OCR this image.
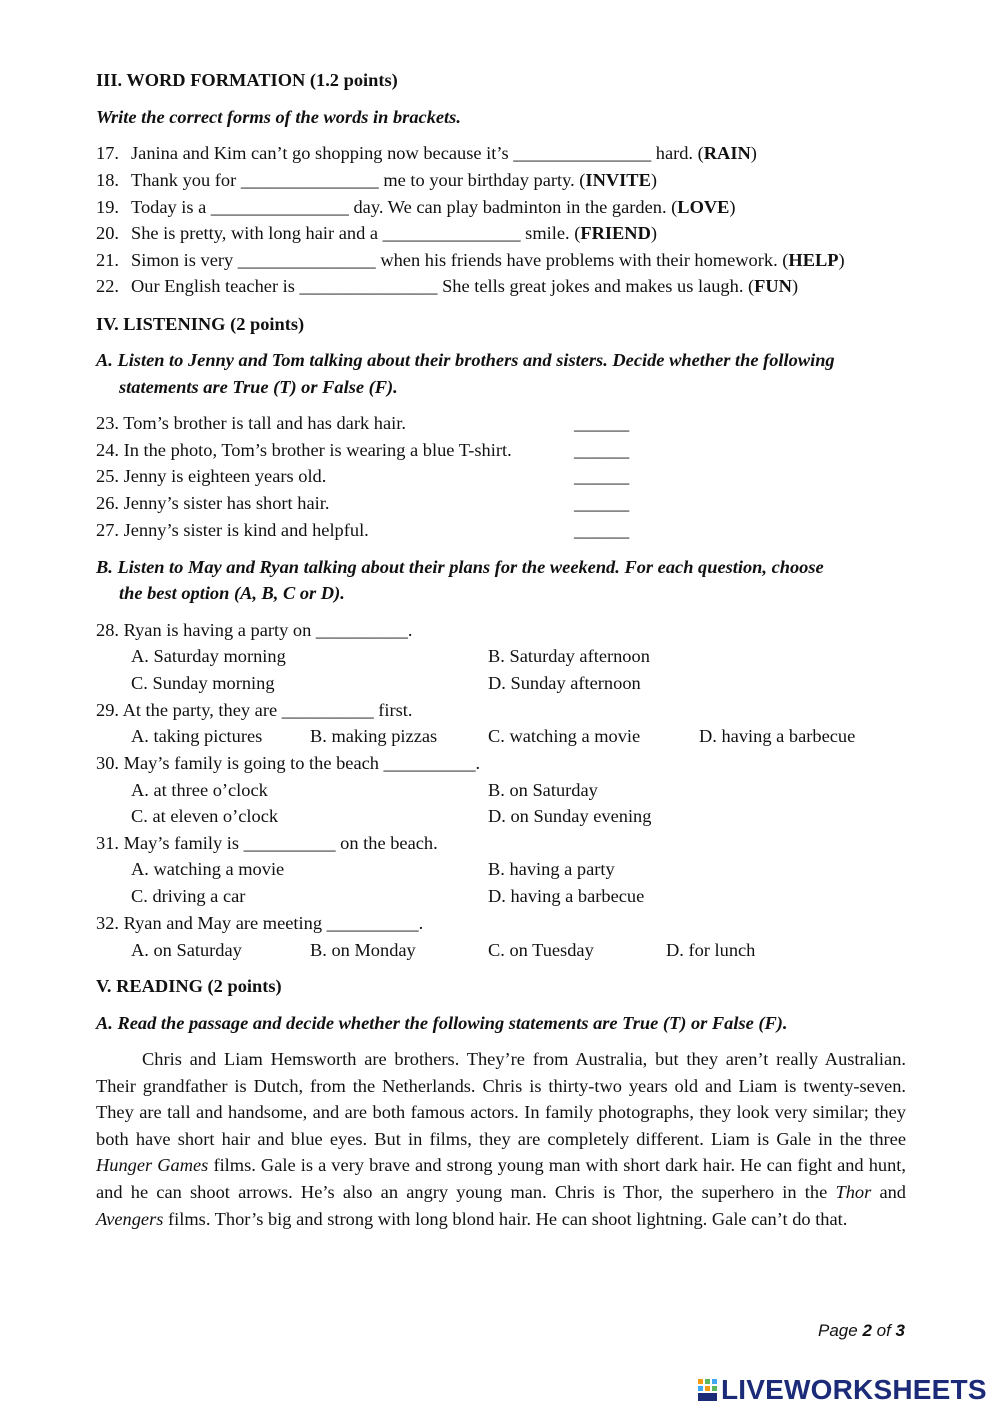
III. WORD FORMATION (1.2 points)
Write the correct forms of the words in brackets.
17. Janina and Kim can’t go shopping now because it’s _______________ hard. (RAIN)
18. Thank you for _______________ me to your birthday party. (INVITE)
19. Today is a _______________ day. We can play badminton in the garden. (LOVE)
20. She is pretty, with long hair and a _______________ smile. (FRIEND)
21. Simon is very _______________ when his friends have problems with their homework. (HELP)
22. Our English teacher is _______________ She tells great jokes and makes us laugh. (FUN)
IV. LISTENING (2 points)
A. Listen to Jenny and Tom talking about their brothers and sisters. Decide whether the following
statements are True (T) or False (F).
23. Tom’s brother is tall and has dark hair.	______
24. In the photo, Tom’s brother is wearing a blue T-shirt.	______
25. Jenny is eighteen years old.	______
26. Jenny’s sister has short hair.	______
27. Jenny’s sister is kind and helpful.	______
B. Listen to May and Ryan talking about their plans for the weekend. For each question, choose
the best option (A, B, C or D).
28. Ryan is having a party on __________.
A. Saturday morning	B. Saturday afternoon
C. Sunday morning	D. Sunday afternoon
29. At the party, they are __________ first.
A. taking pictures	B. making pizzas	C. watching a movie	D. having a barbecue
30. May’s family is going to the beach __________.
A. at three o’clock	B. on Saturday
C. at eleven o’clock	D. on Sunday evening
31. May’s family is __________ on the beach.
A. watching a movie	B. having a party
C. driving a car	D. having a barbecue
32. Ryan and May are meeting __________.
A. on Saturday	B. on Monday	C. on Tuesday	D. for lunch
V. READING (2 points)
A. Read the passage and decide whether the following statements are True (T) or False (F).

Chris and Liam Hemsworth are brothers. They’re from Australia, but they aren’t really Australian. Their grandfather is Dutch, from the Netherlands. Chris is thirty-two years old and Liam is twenty-seven. They are tall and handsome, and are both famous actors. In family photographs, they look very similar; they both have short hair and blue eyes. But in films, they are completely different. Liam is Gale in the three Hunger Games films. Gale is a very brave and strong young man with short dark hair. He can fight and hunt, and he can shoot arrows. He’s also an angry young man. Chris is Thor, the superhero in the Thor and Avengers films. Thor’s big and strong with long blond hair. He can shoot lightning. Gale can’t do that.

Page 2 of 3
LIVEWORKSHEETS
